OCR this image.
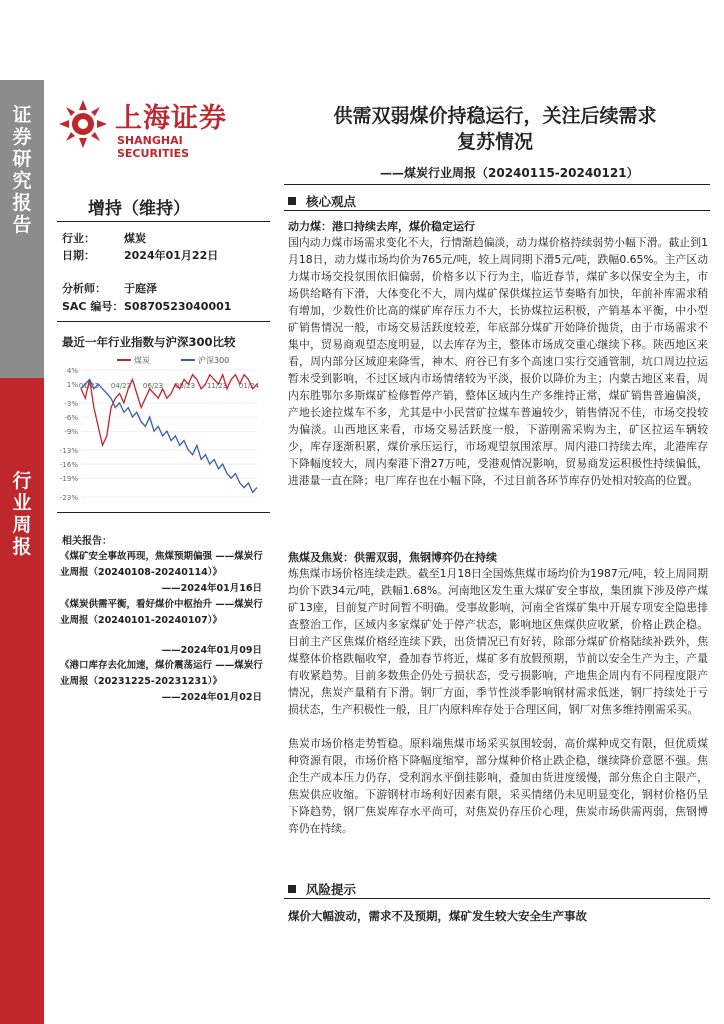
证
券
研
究
报
告
行
业
周
报
上海证券
SHANGHAI SECURITIES
供需双弱煤价持稳运行，关注后续需求
复苏情况
——煤炭行业周报（20240115-20240121）
增持（维持）
行业：	煤炭
日期：	2024年01月22日
分析师： 于庭泽
SAC 编号：S0870523040001
最近一年行业指数与沪深300比较
煤炭	沪深300
4%
1%
-3%
-6%
-9%
-13%
-16%
-19%
-23%
01/23 04/23 06/23 08/23 11/23 01/24
相关报告：
《煤矿安全事故再现，焦煤预期偏强 ——煤炭行业周报（20240108-20240114）》
——2024年01月16日
《煤炭供需平衡，看好煤价中枢抬升 ——煤炭行业周报（20240101-20240107）》
——2024年01月09日
《港口库存去化加速，煤价震荡运行 ——煤炭行业周报（20231225-20231231）》
——2024年01月02日
核心观点
动力煤：港口持续去库，煤价稳定运行
国内动力煤市场需求变化不大，行情渐趋偏淡，动力煤价格持续弱势小幅下滑。截止到1月18日，动力煤市场均价为765元/吨，较上周同期下滑5元/吨，跌幅0.65%。主产区动力煤市场交投氛围依旧偏弱，价格多以下行为主，临近春节，煤矿多以保安全为主，市场供给略有下滑，大体变化不大，周内煤矿保供煤拉运节奏略有加快，年前补库需求稍有增加，少数性价比高的煤矿库存压力不大，长协煤拉运积极，产销基本平衡，中小型矿销售情况一般，市场交易活跃度较差，年底部分煤矿开始降价抛货，由于市场需求不集中，贸易商观望态度明显，以去库存为主，整体市场成交重心继续下移。陕西地区来看，周内部分区域迎来降雪，神木、府谷已有多个高速口实行交通管制，坑口周边拉运暂未受到影响，不过区域内市场情绪较为平淡，报价以降价为主；内蒙古地区来看，周内东胜鄂尔多斯煤矿检修暂停产销，整体区域内生产多维持正常，煤矿销售普遍偏淡，产地长途拉煤车不多，尤其是中小民营矿拉煤车普遍较少，销售情况不佳，市场交投较为偏淡。山西地区来看，市场交易活跃度一般，下游刚需采购为主，矿区拉运车辆较少，库存逐渐积累，煤价承压运行，市场观望氛围浓厚。周内港口持续去库，北港库存下降幅度较大，周内秦港下滑27万吨，受港观情况影响，贸易商发运积极性持续偏低，进港量一直在降；电厂库存也在小幅下降，不过目前各环节库存仍处相对较高的位置。
焦煤及焦炭：供需双弱，焦钢博弈仍在持续
炼焦煤市场价格连续走跌。截至1月18日全国炼焦煤市场均价为1987元/吨，较上周同期均价下跌34元/吨，跌幅1.68%。河南地区发生重大煤矿安全事故，集团旗下涉及停产煤矿13座，目前复产时间暂不明确。受事故影响，河南全省煤矿集中开展专项安全隐患排查整治工作，区域内多家煤矿处于停产状态，影响地区焦煤供应收紧，价格止跌企稳。目前主产区焦煤价格经连续下跌，出货情况已有好转，除部分煤矿价格陆续补跌外，焦煤整体价格跌幅收窄，叠加春节将近，煤矿多有放假预期，节前以安全生产为主，产量有收紧趋势。目前多数焦企仍处亏损状态，受亏损影响，产地焦企周内有不同程度限产情况，焦炭产量稍有下滑。钢厂方面，季节性淡季影响钢材需求低迷，钢厂持续处于亏损状态，生产积极性一般，且厂内原料库存处于合理区间，钢厂对焦多维持刚需采买。
焦炭市场价格走势暂稳。原料端焦煤市场采买氛围较弱，高价煤种成交有限，但优质煤种资源有限，市场价格下降幅度缩窄，部分煤种价格止跌企稳，继续降价意愿不强。焦企生产成本压力仍存，受利润水平倒挂影响，叠加由货进度缓慢，部分焦企自主限产，焦炭供应收缩。下游钢材市场利好因素有限，采买情绪仍未见明显变化，钢材价格仍呈下降趋势，钢厂焦炭库存水平尚可，对焦炭仍存压价心理，焦炭市场供需两弱，焦钢博弈仍在持续。
风险提示
煤价大幅波动，需求不及预期，煤矿发生较大安全生产事故
